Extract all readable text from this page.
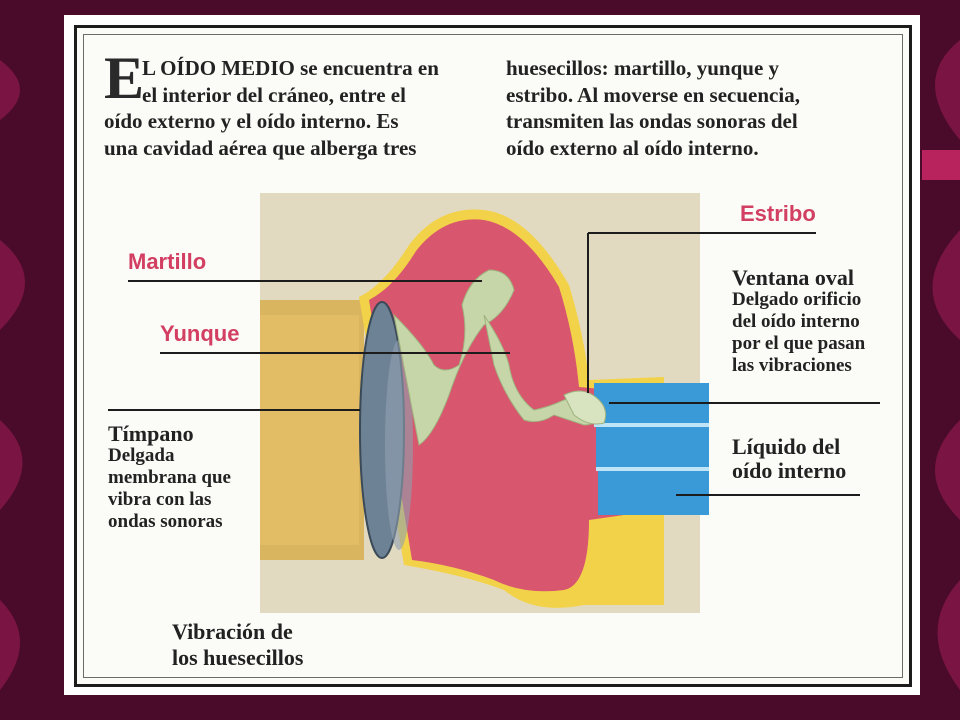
E
L OÍDO MEDIO se encuentra en
el interior del cráneo, entre el
oído externo y el oído interno. Es
una cavidad aérea que alberga tres
huesecillos: martillo, yunque y
estribo. Al moverse en secuencia,
transmiten las ondas sonoras del
oído externo al oído interno.
Martillo
Yunque
Estribo
Tímpano
Delgada
membrana que
vibra con las
ondas sonoras
Ventana oval
Delgado orificio
del oído interno
por el que pasan
las vibraciones
Líquido del
oído interno
Vibración de
los huesecillos
